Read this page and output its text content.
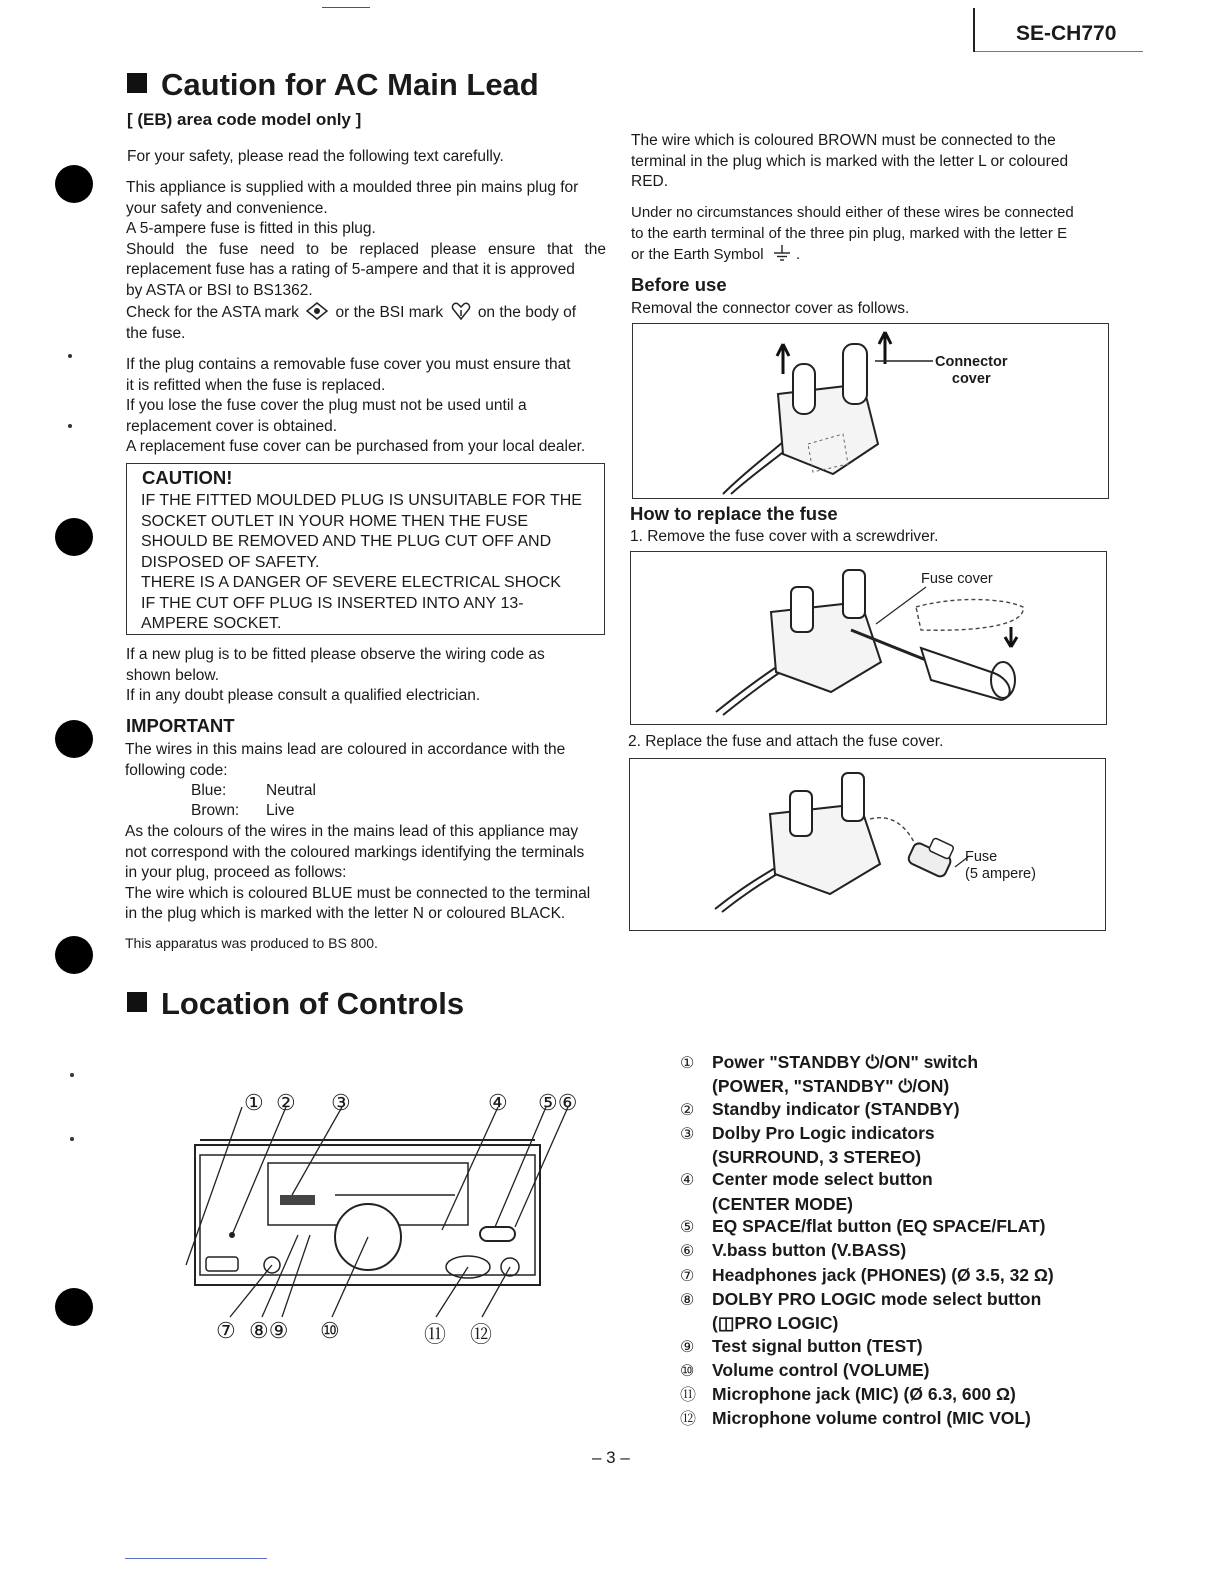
SE-CH770
Caution for AC Main Lead
[ (EB) area code model only ]
For your safety, please read the following text carefully.
This appliance is supplied with a moulded three pin mains plug for
your safety and convenience.
A 5-ampere fuse is fitted in this plug.
Should the fuse need to be replaced please ensure that the
replacement fuse has a rating of 5-ampere and that it is approved
by ASTA or BSI to BS1362.
Check for the ASTA mark or the BSI mark on the body of
the fuse.
If the plug contains a removable fuse cover you must ensure that
it is refitted when the fuse is replaced.
If you lose the fuse cover the plug must not be used until a
replacement cover is obtained.
A replacement fuse cover can be purchased from your local dealer.
CAUTION!
IF THE FITTED MOULDED PLUG IS UNSUITABLE FOR THE
SOCKET OUTLET IN YOUR HOME THEN THE FUSE
SHOULD BE REMOVED AND THE PLUG CUT OFF AND
DISPOSED OF SAFETY.
THERE IS A DANGER OF SEVERE ELECTRICAL SHOCK
IF THE CUT OFF PLUG IS INSERTED INTO ANY 13-
AMPERE SOCKET.
If a new plug is to be fitted please observe the wiring code as
shown below.
If in any doubt please consult a qualified electrician.
IMPORTANT
The wires in this mains lead are coloured in accordance with the
following code:
Blue:	Neutral
Brown: Live
As the colours of the wires in the mains lead of this appliance may
not correspond with the coloured markings identifying the terminals
in your plug, proceed as follows:
The wire which is coloured BLUE must be connected to the terminal
in the plug which is marked with the letter N or coloured BLACK.
This apparatus was produced to BS 800.
The wire which is coloured BROWN must be connected to the
terminal in the plug which is marked with the letter L or coloured
RED.
Under no circumstances should either of these wires be connected
to the earth terminal of the three pin plug, marked with the letter E
or the Earth Symbol  .
Before use
Removal the connector cover as follows.
Connector
cover
How to replace the fuse
1. Remove the fuse cover with a screwdriver.
Fuse cover
2. Replace the fuse and attach the fuse cover.
Fuse
(5 ampere)
Location of Controls
① ② ③	④ ⑤⑥
⑦ ⑧⑨ ⑩	⑪ ⑫
① Power "STANDBY ⏻/ON" switch
(POWER, "STANDBY" ⏻/ON)
② Standby indicator (STANDBY)
③ Dolby Pro Logic indicators
(SURROUND, 3 STEREO)
④ Center mode select button
(CENTER MODE)
⑤ EQ SPACE/flat button (EQ SPACE/FLAT)
⑥ V.bass button (V.BASS)
⑦ Headphones jack (PHONES) (Ø 3.5, 32 Ω)
⑧ DOLBY PRO LOGIC mode select button
(◫PRO LOGIC)
⑨ Test signal button (TEST)
⑩ Volume control (VOLUME)
⑪ Microphone jack (MIC) (Ø 6.3, 600 Ω)
⑫ Microphone volume control (MIC VOL)
– 3 –
